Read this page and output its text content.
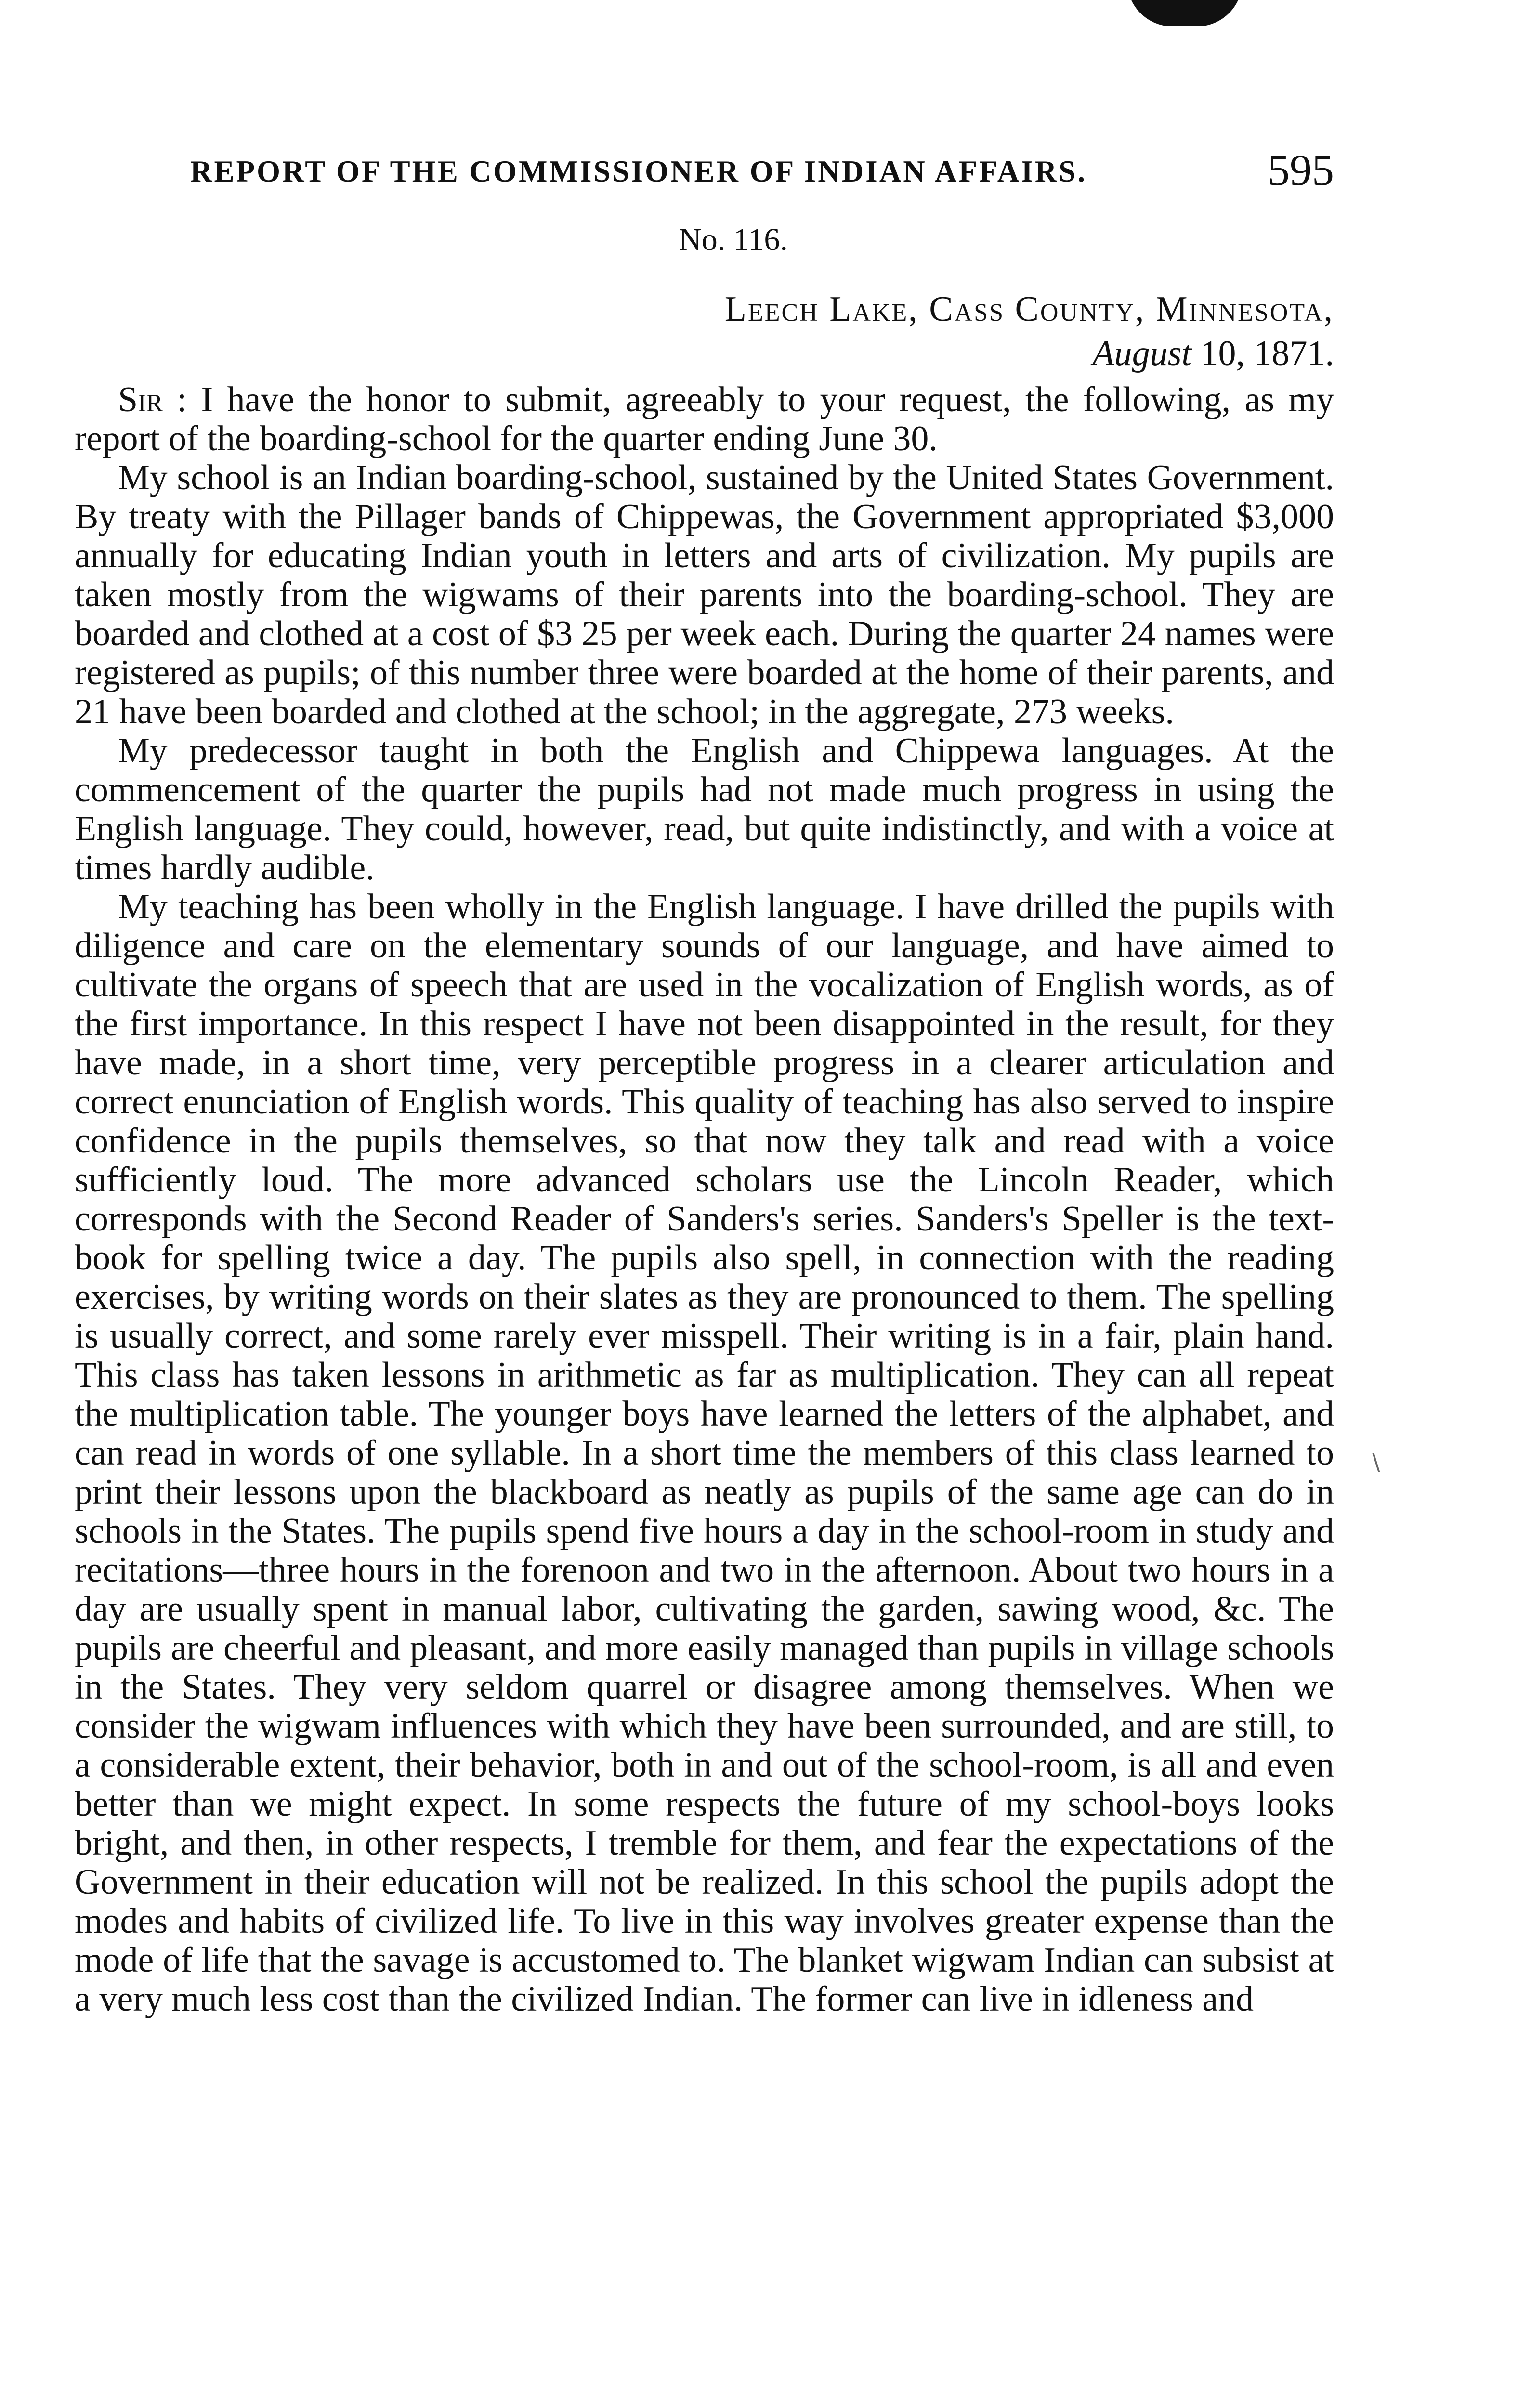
REPORT OF THE COMMISSIONER OF INDIAN AFFAIRS.	595
No. 116.
Leech Lake, Cass County, Minnesota,
August 10, 1871.

Sir : I have the honor to submit, agreeably to your request, the following, as my report of the boarding-school for the quarter ending June 30.

My school is an Indian boarding-school, sustained by the United States Government. By treaty with the Pillager bands of Chippewas, the Government appropriated $3,000 annually for educating Indian youth in letters and arts of civilization. My pupils are taken mostly from the wigwams of their parents into the boarding-school. They are boarded and clothed at a cost of $3 25 per week each. During the quarter 24 names were registered as pupils; of this number three were boarded at the home of their parents, and 21 have been boarded and clothed at the school; in the aggregate, 273 weeks.

My predecessor taught in both the English and Chippewa languages. At the commencement of the quarter the pupils had not made much progress in using the English language. They could, however, read, but quite indistinctly, and with a voice at times hardly audible.

My teaching has been wholly in the English language. I have drilled the pupils with diligence and care on the elementary sounds of our language, and have aimed to cultivate the organs of speech that are used in the vocalization of English words, as of the first importance. In this respect I have not been disappointed in the result, for they have made, in a short time, very perceptible progress in a clearer articulation and correct enunciation of English words. This quality of teaching has also served to inspire confidence in the pupils themselves, so that now they talk and read with a voice sufficiently loud. The more advanced scholars use the Lincoln Reader, which corresponds with the Second Reader of Sanders's series. Sanders's Speller is the text-book for spelling twice a day. The pupils also spell, in connection with the reading exercises, by writing words on their slates as they are pronounced to them. The spelling is usually correct, and some rarely ever misspell. Their writing is in a fair, plain hand. This class has taken lessons in arithmetic as far as multiplication. They can all repeat the multiplication table. The younger boys have learned the letters of the alphabet, and can read in words of one syllable. In a short time the members of this class learned to print their lessons upon the blackboard as neatly as pupils of the same age can do in schools in the States. The pupils spend five hours a day in the school-room in study and recitations—three hours in the forenoon and two in the afternoon. About two hours in a day are usually spent in manual labor, cultivating the garden, sawing wood, &c. The pupils are cheerful and pleasant, and more easily managed than pupils in village schools in the States. They very seldom quarrel or disagree among themselves. When we consider the wigwam influences with which they have been surrounded, and are still, to a considerable extent, their behavior, both in and out of the school-room, is all and even better than we might expect. In some respects the future of my school-boys looks bright, and then, in other respects, I tremble for them, and fear the expectations of the Government in their education will not be realized. In this school the pupils adopt the modes and habits of civilized life. To live in this way involves greater expense than the mode of life that the savage is accustomed to. The blanket wigwam Indian can subsist at a very much less cost than the civilized Indian. The former can live in idleness and

∖
